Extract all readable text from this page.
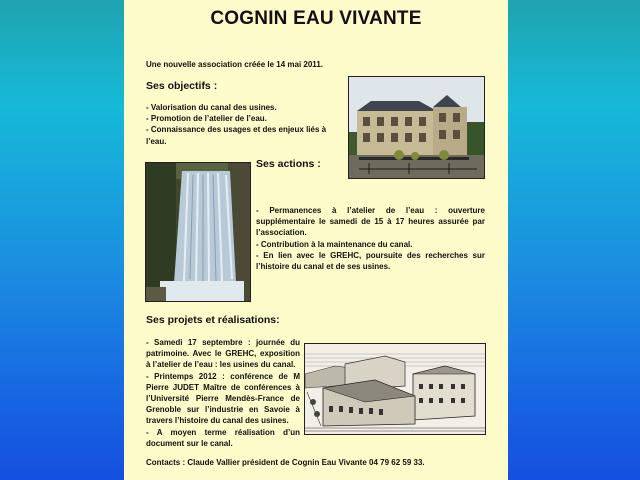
COGNIN EAU VIVANTE

Une nouvelle association créée le 14 mai 2011.

Ses objectifs :
- Valorisation du canal des usines.
- Promotion de l’atelier de l’eau.
- Connaissance des usages et des enjeux liés à l’eau.
Ses actions :
- Permanences à l’atelier de l’eau : ouverture supplémentaire le samedi de 15 à 17 heures assurée par l’association.
- Contribution à la maintenance du canal.
- En lien avec le GREHC, poursuite des recherches sur l’histoire du canal et de ses usines.
Ses projets et réalisations:
- Samedi 17 septembre : journée du patrimoine. Avec le GREHC, exposition à l’atelier de l’eau : les usines du canal.
- Printemps 2012 : conférence de M Pierre JUDET Maître de conférences à l’Université Pierre Mendès-France de Grenoble sur l’industrie en Savoie à travers l’histoire du canal des usines.
- A moyen terme réalisation d’un document sur le canal.

Contacts : Claude Vallier président de Cognin Eau Vivante 04 79 62 59 33.
